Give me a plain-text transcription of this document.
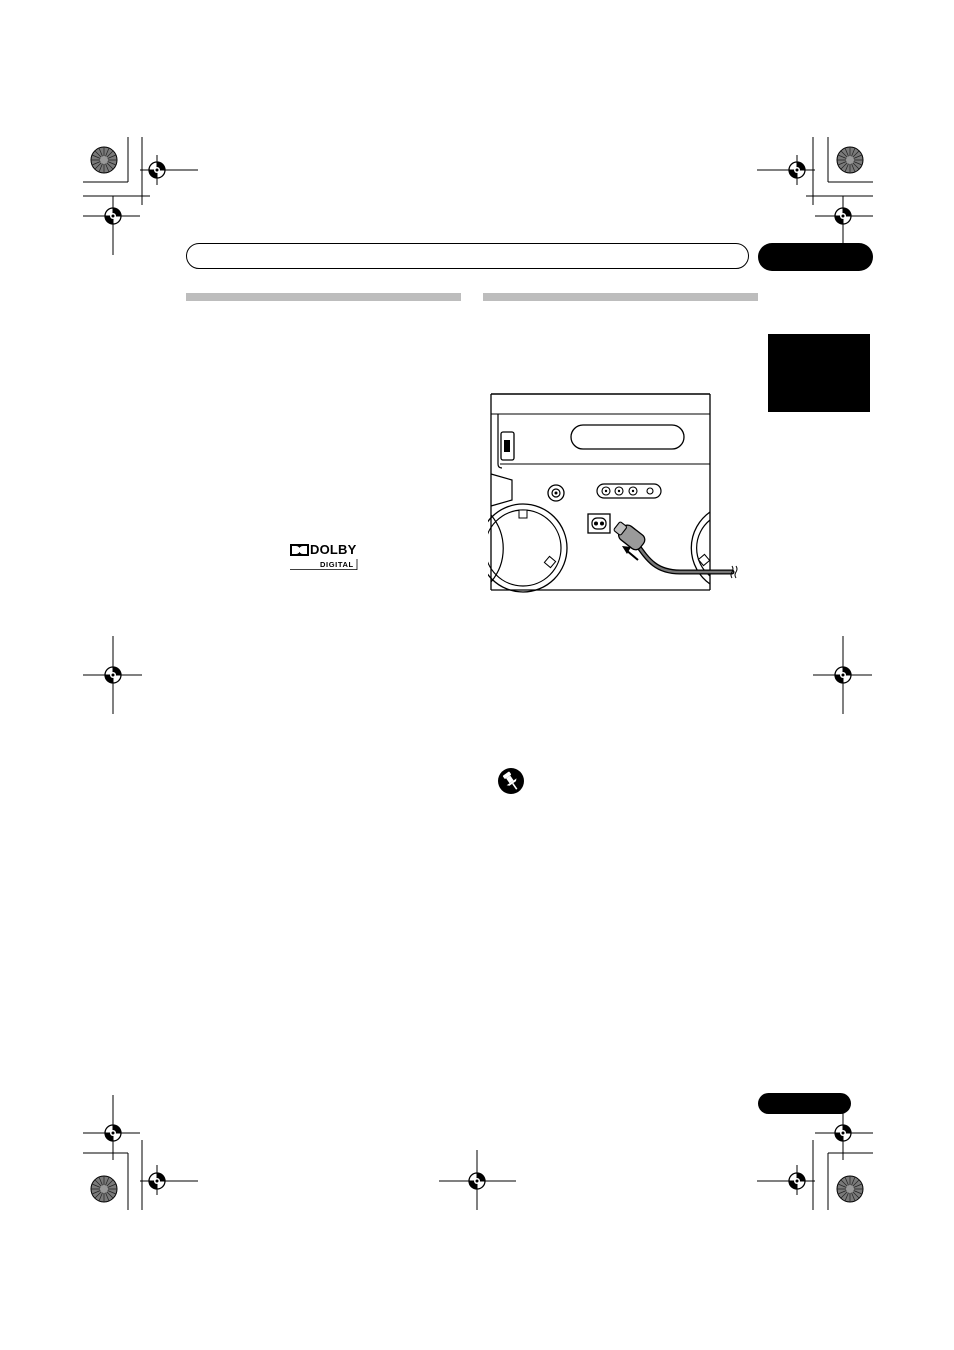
DOLBY
DIGITAL
